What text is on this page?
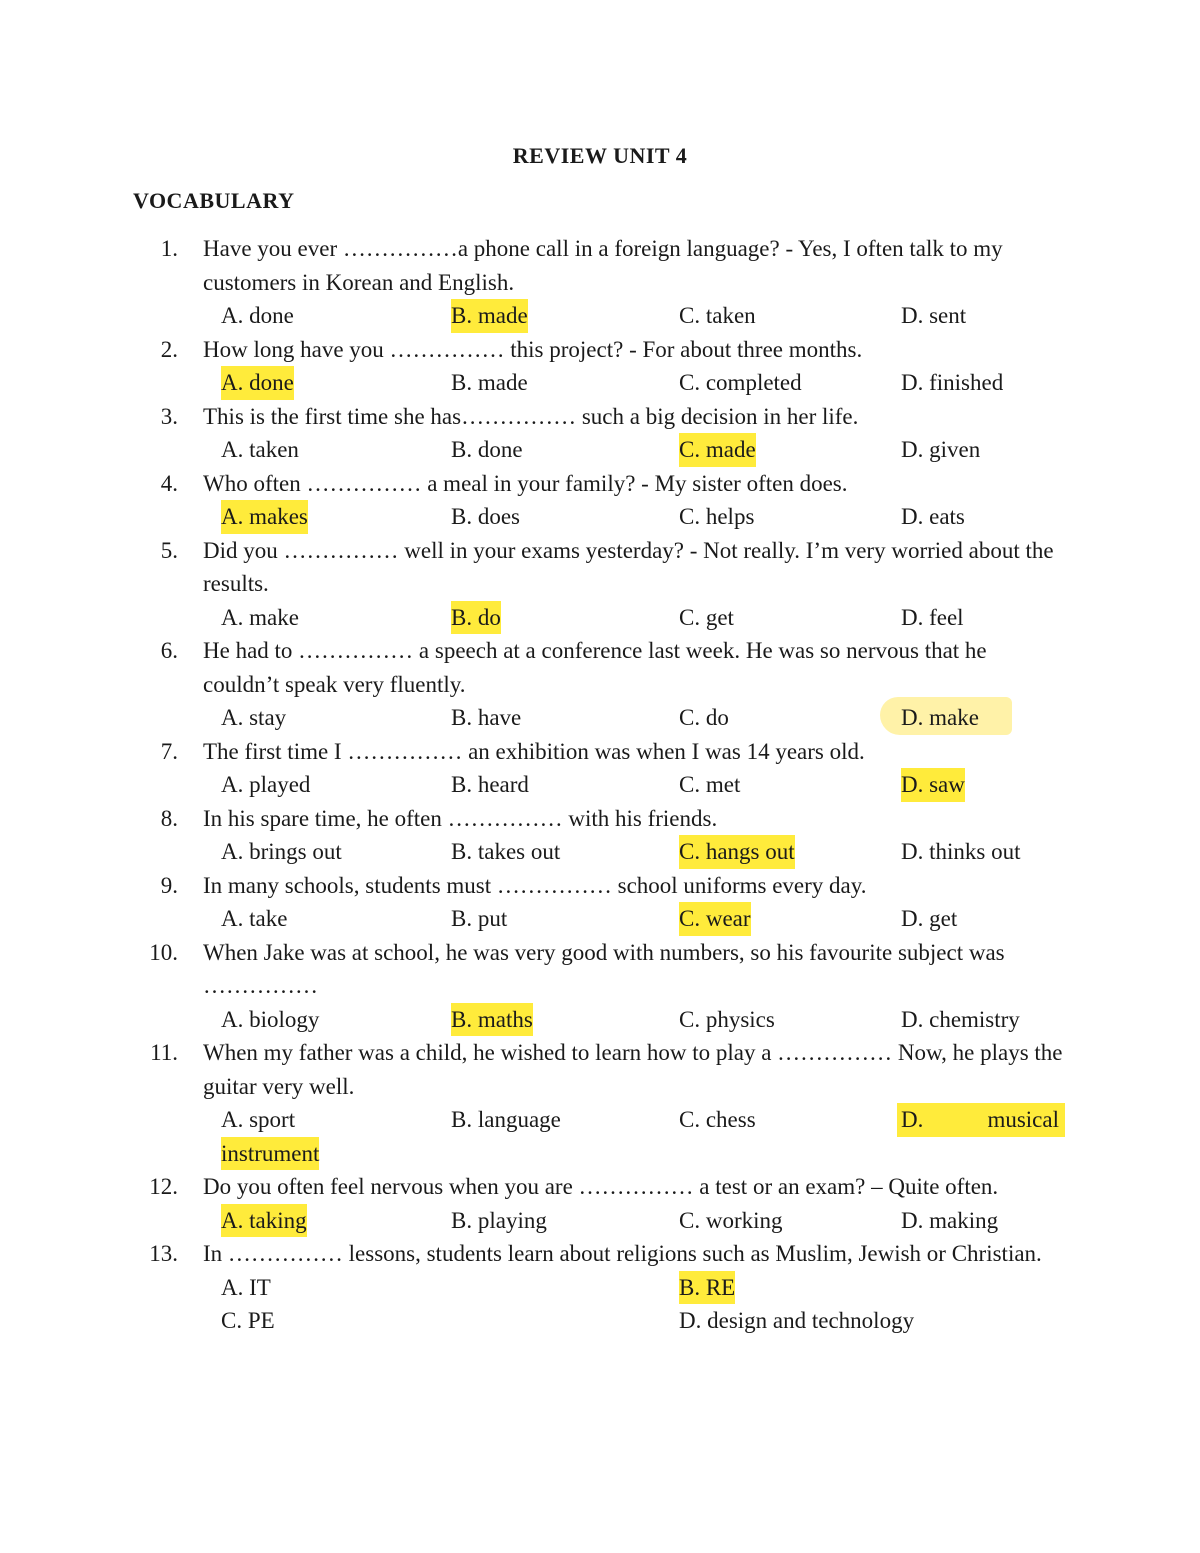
REVIEW UNIT 4
VOCABULARY
1. Have you ever ……………a phone call in a foreign language? - Yes, I often talk to my customers in Korean and English.
A. done	B. made	C. taken	D. sent
2. How long have you …………… this project? - For about three months.
A. done	B. made	C. completed	D. finished
3. This is the first time she has…………… such a big decision in her life.
A. taken	B. done	C. made	D. given
4. Who often …………… a meal in your family? - My sister often does.
A. makes	B. does	C. helps	D. eats
5. Did you …………… well in your exams yesterday? - Not really. I’m very worried about the results.
A. make	B. do	C. get	D. feel
6. He had to …………… a speech at a conference last week. He was so nervous that he couldn’t speak very fluently.
A. stay	B. have	C. do	D. make
7. The first time I …………… an exhibition was when I was 14 years old.
A. played	B. heard	C. met	D. saw
8. In his spare time, he often …………… with his friends.
A. brings out	B. takes out	C. hangs out	D. thinks out
9. In many schools, students must …………… school uniforms every day.
A. take	B. put	C. wear	D. get
10. When Jake was at school, he was very good with numbers, so his favourite subject was ……………
A. biology	B. maths	C. physics	D. chemistry
11. When my father was a child, he wished to learn how to play a …………… Now, he plays the guitar very well.
A. sport	B. language	C. chess	D.	musical
instrument
12. Do you often feel nervous when you are …………… a test or an exam? – Quite often.
A. taking	B. playing	C. working	D. making
13. In …………… lessons, students learn about religions such as Muslim, Jewish or Christian.
A. IT	B. RE
C. PE	D. design and technology
